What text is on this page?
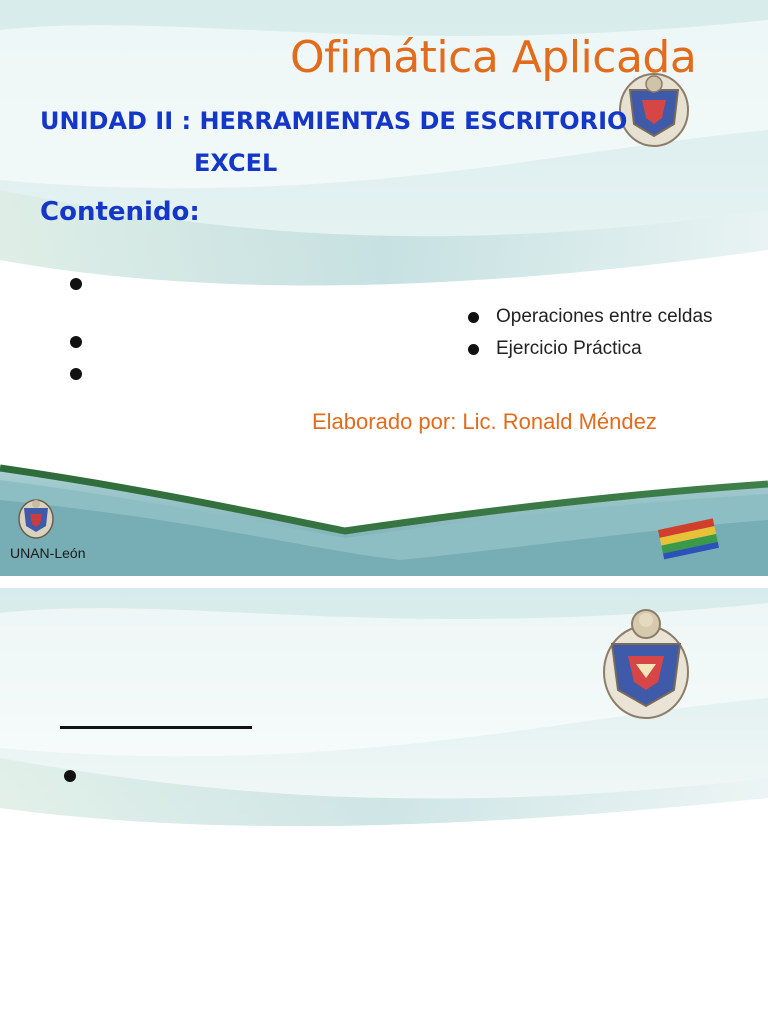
Ofimática Aplicada
UNIDAD II : HERRAMIENTAS DE ESCRITORIO
EXCEL
Contenido:
Operaciones entre celdas
Ejercicio Práctica

Elaborado por: Lic. Ronald Méndez

UNAN-León
